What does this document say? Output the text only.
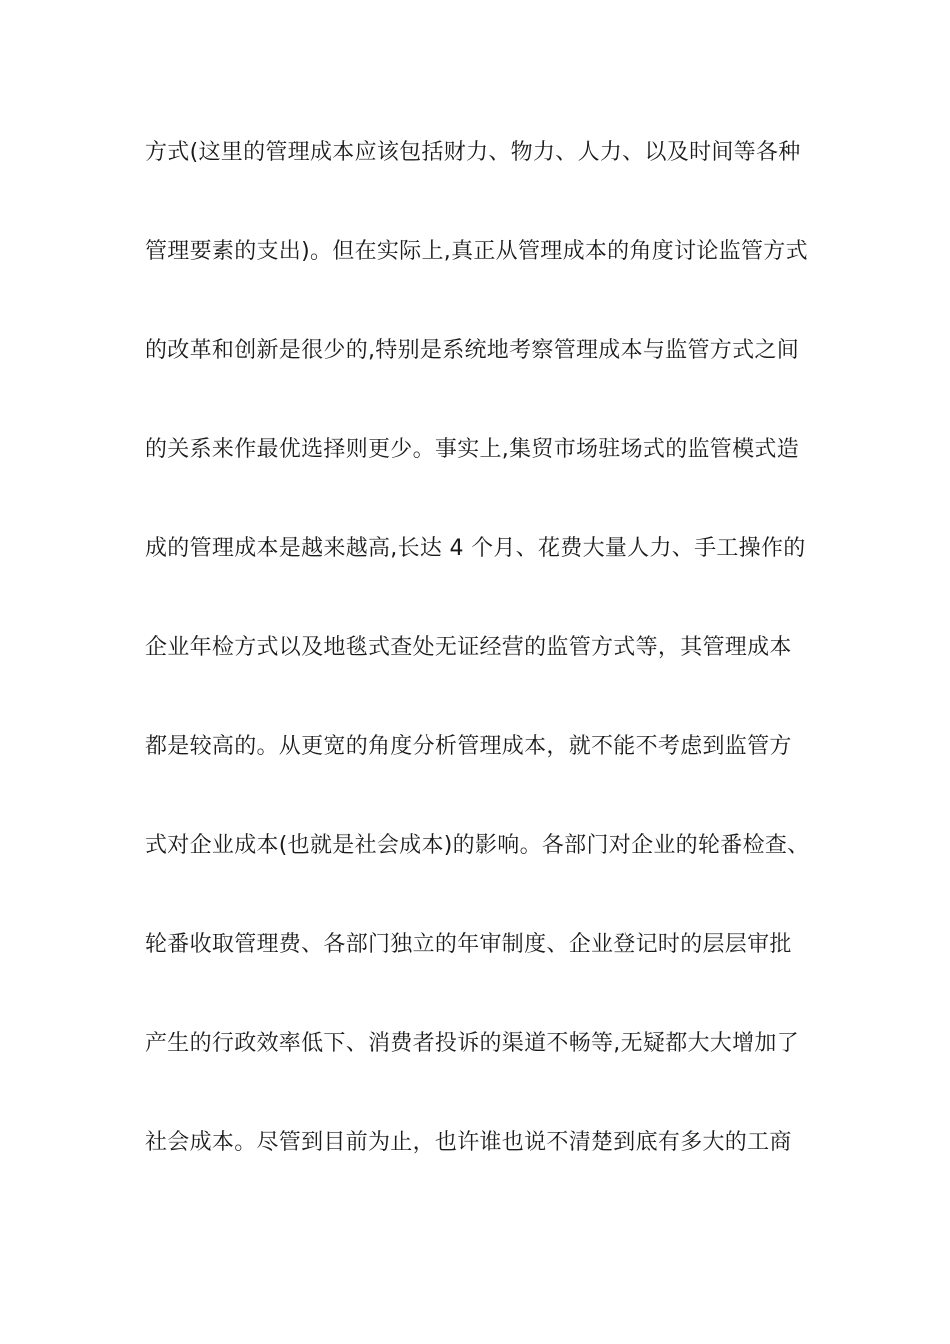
方式(这里的管理成本应该包括财力、物力、人力、以及时间等各种
管理要素的支出)。但在实际上,真正从管理成本的角度讨论监管方式
的改革和创新是很少的,特别是系统地考察管理成本与监管方式之间
的关系来作最优选择则更少。事实上,集贸市场驻场式的监管模式造
成的管理成本是越来越高,长达 4 个月、花费大量人力、手工操作的
企业年检方式以及地毯式查处无证经营的监管方式等，其管理成本
都是较高的。从更宽的角度分析管理成本，就不能不考虑到监管方
式对企业成本(也就是社会成本)的影响。各部门对企业的轮番检查、
轮番收取管理费、各部门独立的年审制度、企业登记时的层层审批
产生的行政效率低下、消费者投诉的渠道不畅等,无疑都大大增加了
社会成本。尽管到目前为止，也许谁也说不清楚到底有多大的工商
